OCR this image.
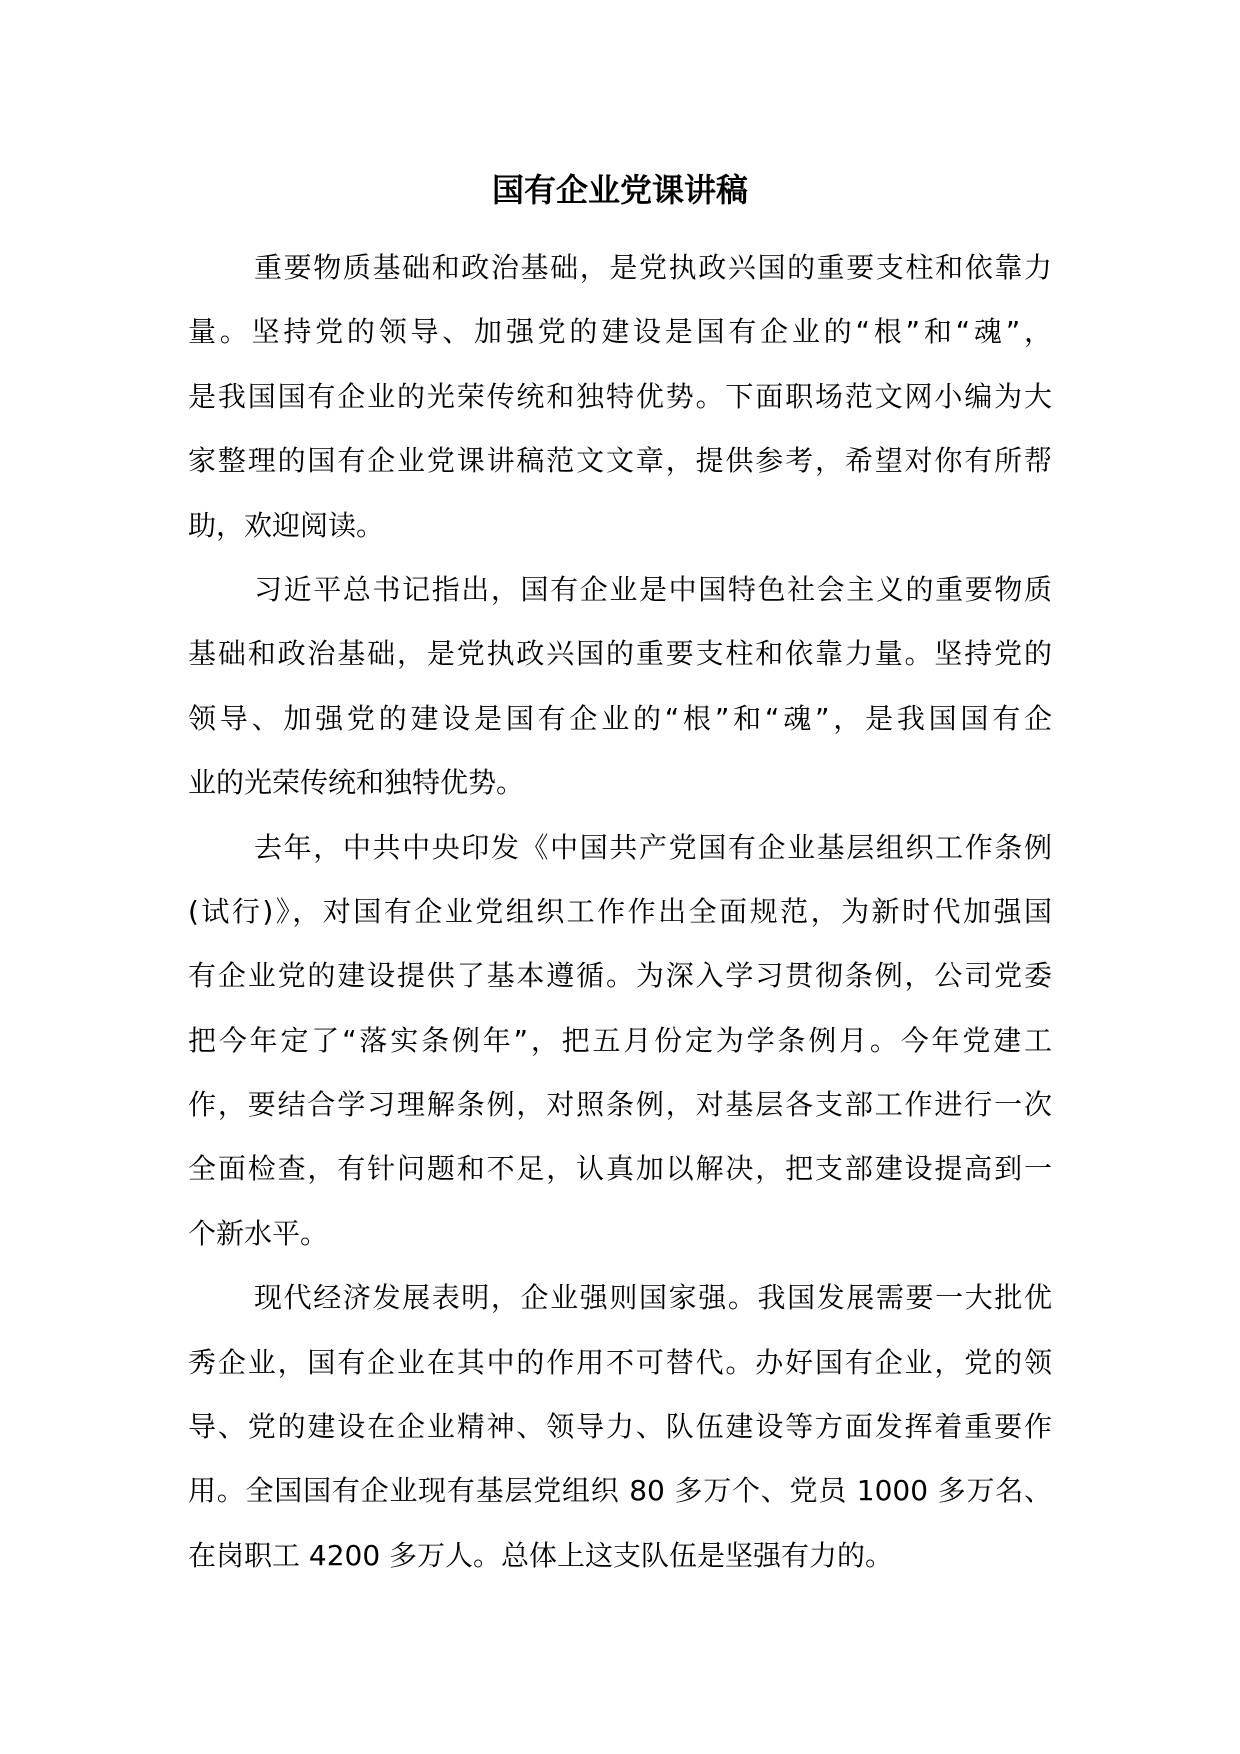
国有企业党课讲稿
重要物质基础和政治基础，是党执政兴国的重要支柱和依靠力
量。坚持党的领导、加强党的建设是国有企业的“根”和“魂”，
是我国国有企业的光荣传统和独特优势。下面职场范文网小编为大
家整理的国有企业党课讲稿范文文章，提供参考，希望对你有所帮
助，欢迎阅读。
习近平总书记指出，国有企业是中国特色社会主义的重要物质
基础和政治基础，是党执政兴国的重要支柱和依靠力量。坚持党的
领导、加强党的建设是国有企业的“根”和“魂”，是我国国有企
业的光荣传统和独特优势。
去年，中共中央印发《中国共产党国有企业基层组织工作条例
(试行)》，对国有企业党组织工作作出全面规范，为新时代加强国
有企业党的建设提供了基本遵循。为深入学习贯彻条例，公司党委
把今年定了“落实条例年”，把五月份定为学条例月。今年党建工
作，要结合学习理解条例，对照条例，对基层各支部工作进行一次
全面检查，有针问题和不足，认真加以解决，把支部建设提高到一
个新水平。
现代经济发展表明，企业强则国家强。我国发展需要一大批优
秀企业，国有企业在其中的作用不可替代。办好国有企业，党的领
导、党的建设在企业精神、领导力、队伍建设等方面发挥着重要作
用。全国国有企业现有基层党组织 80 多万个、党员 1000 多万名、
在岗职工 4200 多万人。总体上这支队伍是坚强有力的。
